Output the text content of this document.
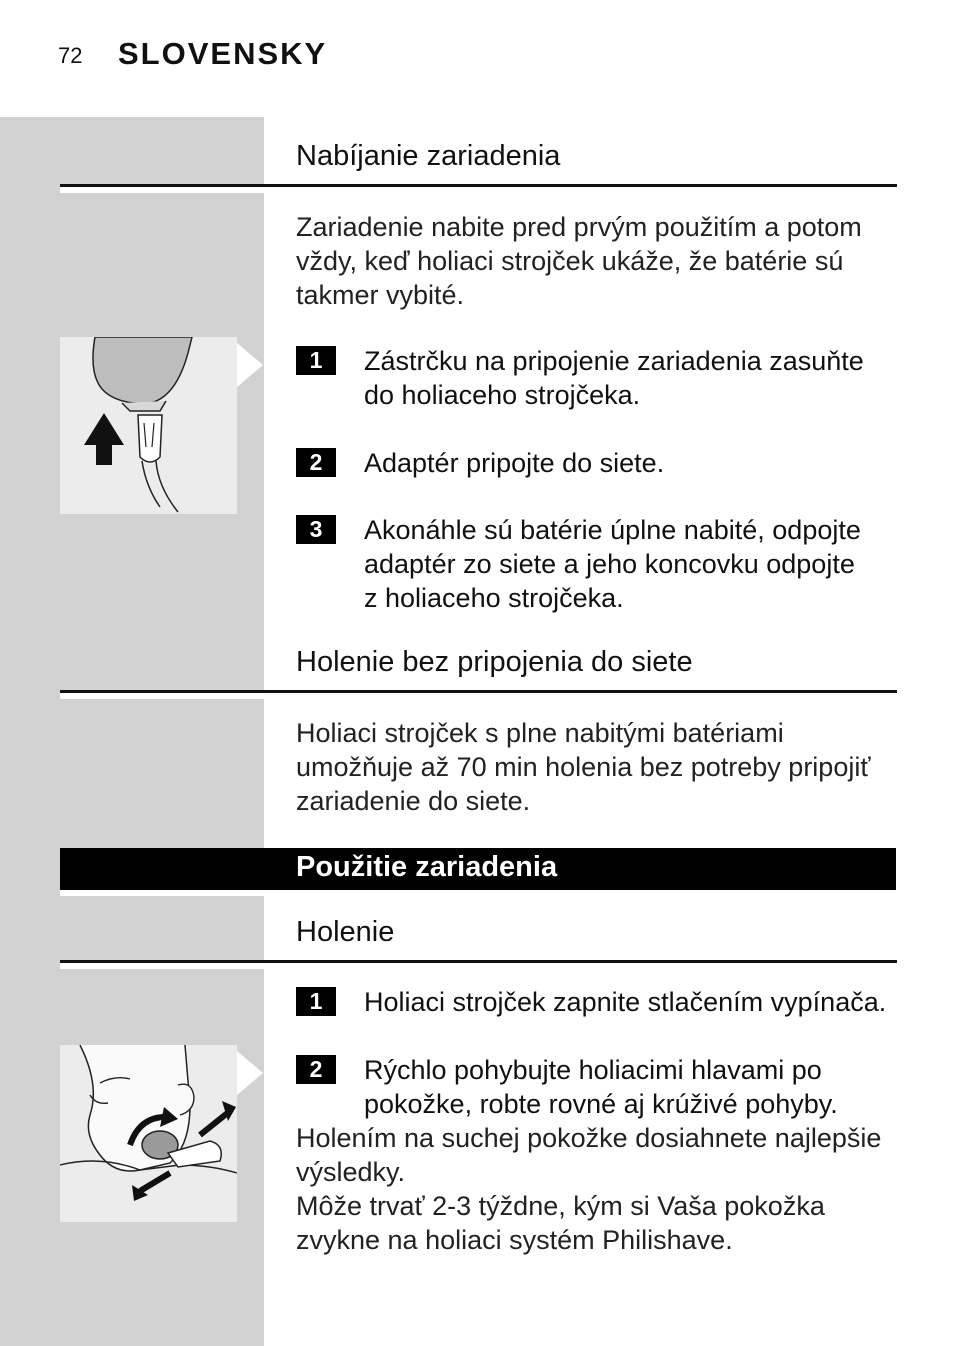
72 SLOVENSKY
Nabíjanie zariadenia
Zariadenie nabite pred prvým použitím a potom
vždy, keď holiaci strojček ukáže, že batérie sú
takmer vybité.
1	Zástrčku na pripojenie zariadenia zasuňte
do holiaceho strojčeka.
2	Adaptér pripojte do siete.
3	Akonáhle sú batérie úplne nabité, odpojte
adaptér zo siete a jeho koncovku odpojte
z holiaceho strojčeka.
Holenie bez pripojenia do siete
Holiaci strojček s plne nabitými batériami
umožňuje až 70 min holenia bez potreby pripojiť
zariadenie do siete.
Použitie zariadenia
Holenie
1	Holiaci strojček zapnite stlačením vypínača.
2	Rýchlo pohybujte holiacimi hlavami po
pokožke, robte rovné aj krúživé pohyby.
Holením na suchej pokožke dosiahnete najlepšie
výsledky.
Môže trvať 2-3 týždne, kým si Vaša pokožka
zvykne na holiaci systém Philishave.
